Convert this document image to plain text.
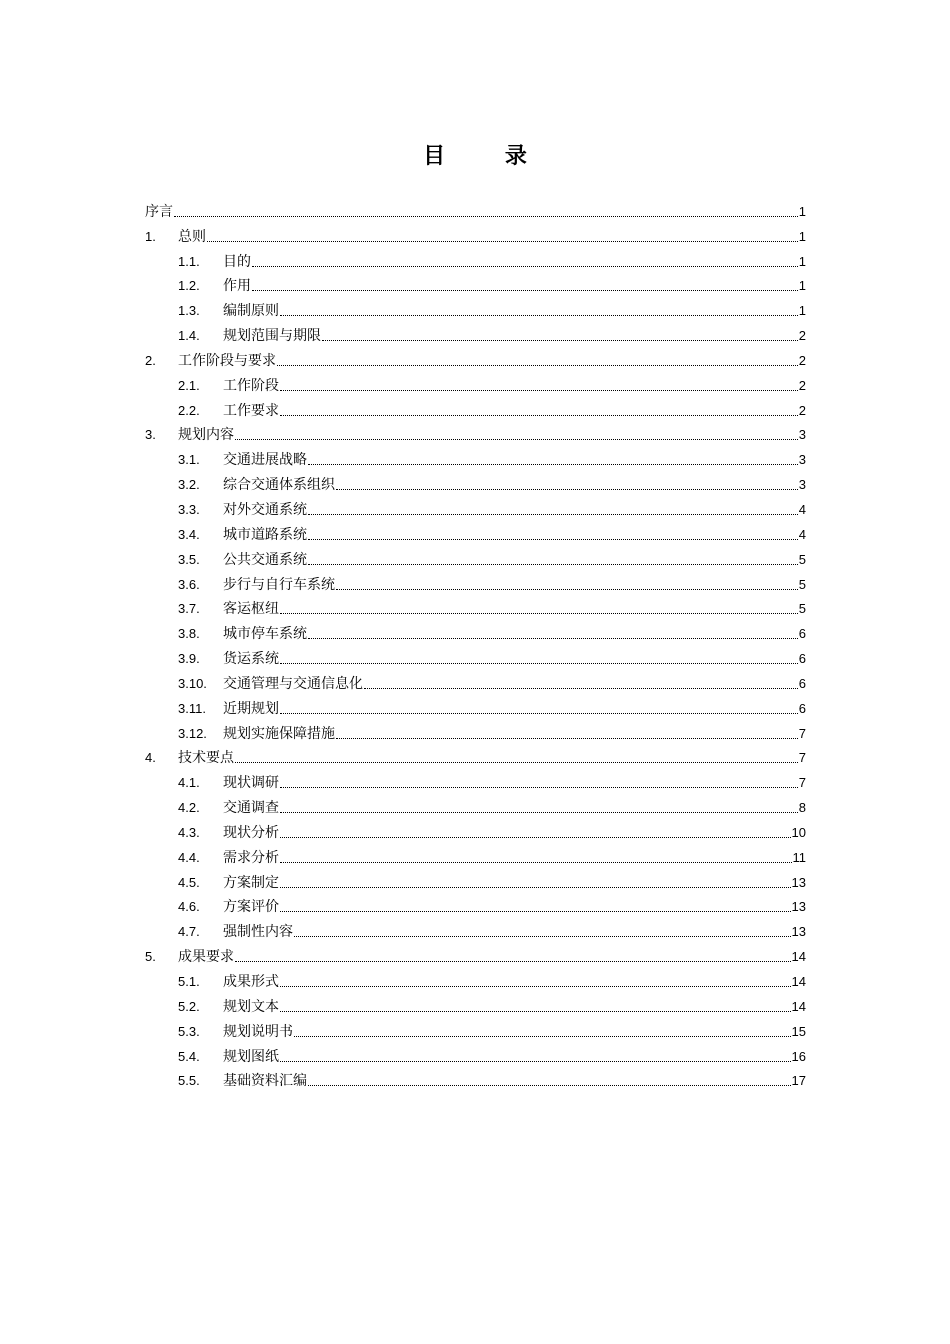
目 录
序言	1
1.	总则	1
1.1.	目的	1
1.2.	作用	1
1.3.	编制原则	1
1.4.	规划范围与期限	2
2.	工作阶段与要求	2
2.1.	工作阶段	2
2.2.	工作要求	2
3.	规划内容	3
3.1.	交通进展战略	3
3.2.	综合交通体系组织	3
3.3.	对外交通系统	4
3.4.	城市道路系统	4
3.5.	公共交通系统	5
3.6.	步行与自行车系统	5
3.7.	客运枢纽	5
3.8.	城市停车系统	6
3.9.	货运系统	6
3.10.	交通管理与交通信息化	6
3.11.	近期规划	6
3.12.	规划实施保障措施	7
4.	技术要点	7
4.1.	现状调研	7
4.2.	交通调查	8
4.3.	现状分析	10
4.4.	需求分析	11
4.5.	方案制定	13
4.6.	方案评价	13
4.7.	强制性内容	13
5.	成果要求	14
5.1.	成果形式	14
5.2.	规划文本	14
5.3.	规划说明书	15
5.4.	规划图纸	16
5.5.	基础资料汇编	17
